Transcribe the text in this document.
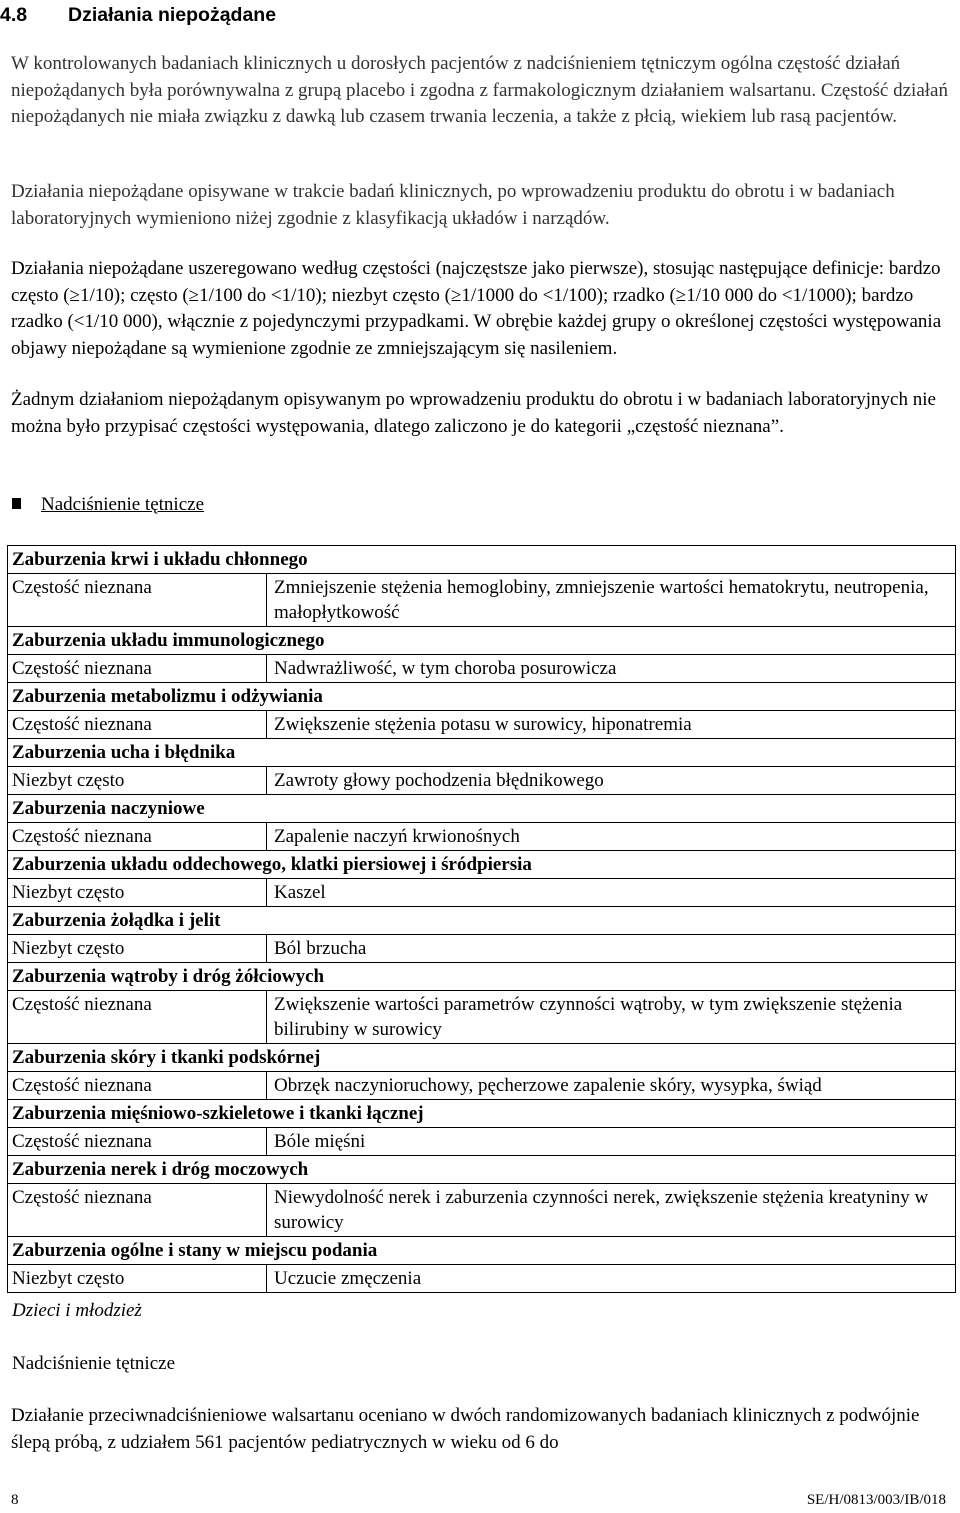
4.8 Działania niepożądane

W kontrolowanych badaniach klinicznych u dorosłych pacjentów z nadciśnieniem tętniczym ogólna częstość działań niepożądanych była porównywalna z grupą placebo i zgodna z farmakologicznym działaniem walsartanu. Częstość działań niepożądanych nie miała związku z dawką lub czasem trwania leczenia, a także z płcią, wiekiem lub rasą pacjentów.

Działania niepożądane opisywane w trakcie badań klinicznych, po wprowadzeniu produktu do obrotu i w badaniach laboratoryjnych wymieniono niżej zgodnie z klasyfikacją układów i narządów.

Działania niepożądane uszeregowano według częstości (najczęstsze jako pierwsze), stosując następujące definicje: bardzo często (≥1/10); często (≥1/100 do <1/10); niezbyt często (≥1/1000 do <1/100); rzadko (≥1/10 000 do <1/1000); bardzo rzadko (<1/10 000), włącznie z pojedynczymi przypadkami. W obrębie każdej grupy o określonej częstości występowania objawy niepożądane są wymienione zgodnie ze zmniejszającym się nasileniem.

Żadnym działaniom niepożądanym opisywanym po wprowadzeniu produktu do obrotu i w badaniach laboratoryjnych nie można było przypisać częstości występowania, dlatego zaliczono je do kategorii „częstość nieznana”.

Nadciśnienie tętnicze
Zaburzenia krwi i układu chłonnego	
Częstość nieznana	Zmniejszenie stężenia hemoglobiny, zmniejszenie wartości hematokrytu, neutropenia, małopłytkowość
Zaburzenia układu immunologicznego	
Częstość nieznana	Nadwrażliwość, w tym choroba posurowicza
Zaburzenia metabolizmu i odżywiania	
Częstość nieznana	Zwiększenie stężenia potasu w surowicy, hiponatremia
Zaburzenia ucha i błędnika	
Niezbyt często	Zawroty głowy pochodzenia błędnikowego
Zaburzenia naczyniowe	
Częstość nieznana	Zapalenie naczyń krwionośnych
Zaburzenia układu oddechowego, klatki piersiowej i śródpiersia	
Niezbyt często	Kaszel
Zaburzenia żołądka i jelit	
Niezbyt często	Ból brzucha
Zaburzenia wątroby i dróg żółciowych	
Częstość nieznana	Zwiększenie wartości parametrów czynności wątroby, w tym zwiększenie stężenia bilirubiny w surowicy
Zaburzenia skóry i tkanki podskórnej	
Częstość nieznana	Obrzęk naczynioruchowy, pęcherzowe zapalenie skóry, wysypka, świąd
Zaburzenia mięśniowo-szkieletowe i tkanki łącznej	
Częstość nieznana	Bóle mięśni
Zaburzenia nerek i dróg moczowych	
Częstość nieznana	Niewydolność nerek i zaburzenia czynności nerek, zwiększenie stężenia kreatyniny w surowicy
Zaburzenia ogólne i stany w miejscu podania	
Niezbyt często	Uczucie zmęczenia
Dzieci i młodzież
Nadciśnienie tętnicze

Działanie przeciwnadciśnieniowe walsartanu oceniano w dwóch randomizowanych badaniach klinicznych z podwójnie ślepą próbą, z udziałem 561 pacjentów pediatrycznych w wieku od 6 do

8	SE/H/0813/003/IB/018
